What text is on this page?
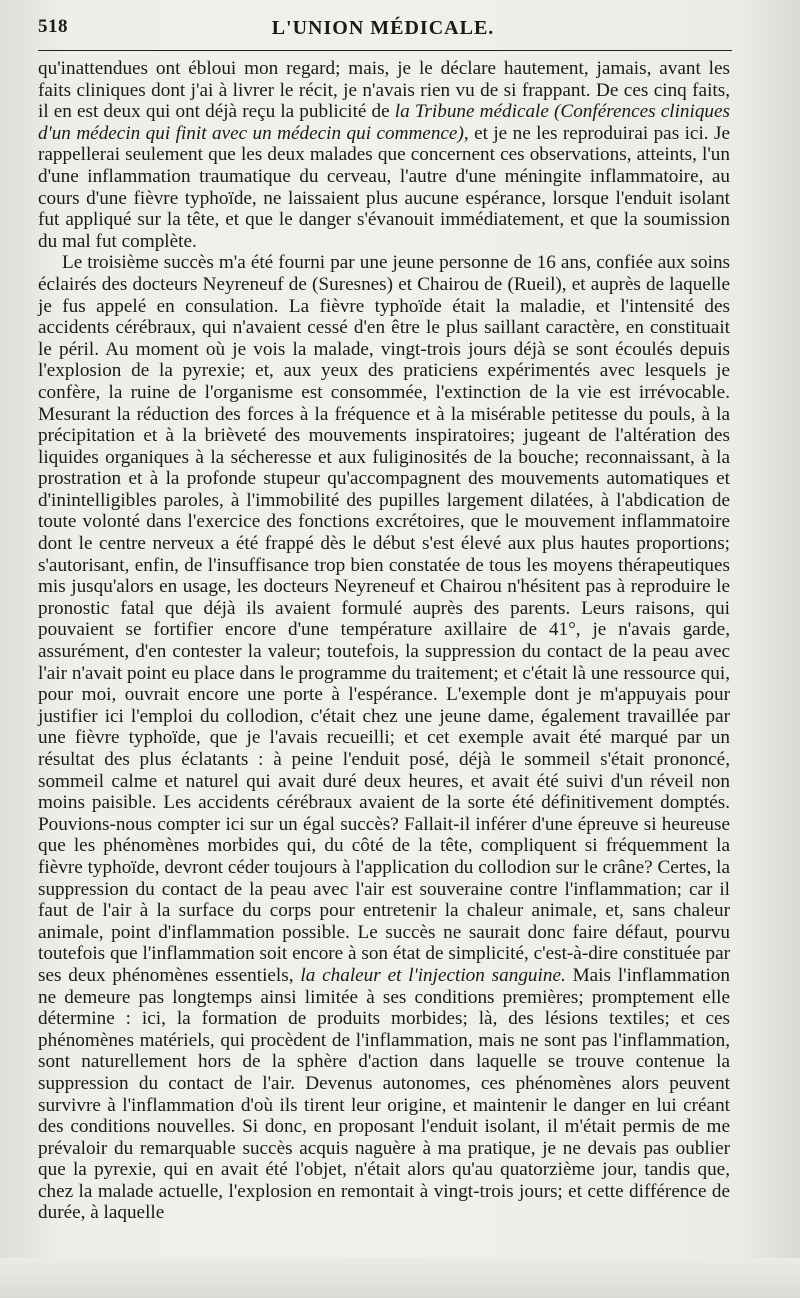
518	L'UNION MÉDICALE.

qu'inattendues ont ébloui mon regard; mais, je le déclare hautement, jamais, avant les faits cliniques dont j'ai à livrer le récit, je n'avais rien vu de si frappant. De ces cinq faits, il en est deux qui ont déjà reçu la publicité de la Tribune médicale (Conférences cliniques d'un médecin qui finit avec un médecin qui commence), et je ne les reproduirai pas ici. Je rappellerai seulement que les deux malades que concernent ces observations, atteints, l'un d'une inflammation traumatique du cerveau, l'autre d'une méningite inflammatoire, au cours d'une fièvre typhoïde, ne laissaient plus aucune espérance, lorsque l'enduit isolant fut appliqué sur la tête, et que le danger s'évanouit immédiatement, et que la soumission du mal fut complète.

Le troisième succès m'a été fourni par une jeune personne de 16 ans, confiée aux soins éclairés des docteurs Neyreneuf de (Suresnes) et Chairou de (Rueil), et auprès de laquelle je fus appelé en consulation. La fièvre typhoïde était la maladie, et l'intensité des accidents cérébraux, qui n'avaient cessé d'en être le plus saillant caractère, en constituait le péril. Au moment où je vois la malade, vingt-trois jours déjà se sont écoulés depuis l'explosion de la pyrexie; et, aux yeux des praticiens expérimentés avec lesquels je confère, la ruine de l'organisme est consommée, l'extinction de la vie est irrévocable. Mesurant la réduction des forces à la fréquence et à la misérable petitesse du pouls, à la précipitation et à la brièveté des mouvements inspiratoires; jugeant de l'altération des liquides organiques à la sécheresse et aux fuliginosités de la bouche; reconnaissant, à la prostration et à la profonde stupeur qu'accompagnent des mouvements automatiques et d'inintelligibles paroles, à l'immobilité des pupilles largement dilatées, à l'abdication de toute volonté dans l'exercice des fonctions excrétoires, que le mouvement inflammatoire dont le centre nerveux a été frappé dès le début s'est élevé aux plus hautes proportions; s'autorisant, enfin, de l'insuffisance trop bien constatée de tous les moyens thérapeutiques mis jusqu'alors en usage, les docteurs Neyreneuf et Chairou n'hésitent pas à reproduire le pronostic fatal que déjà ils avaient formulé auprès des parents. Leurs raisons, qui pouvaient se fortifier encore d'une température axillaire de 41°, je n'avais garde, assurément, d'en contester la valeur; toutefois, la suppression du contact de la peau avec l'air n'avait point eu place dans le programme du traitement; et c'était là une ressource qui, pour moi, ouvrait encore une porte à l'espérance. L'exemple dont je m'appuyais pour justifier ici l'emploi du collodion, c'était chez une jeune dame, également travaillée par une fièvre typhoïde, que je l'avais recueilli; et cet exemple avait été marqué par un résultat des plus éclatants : à peine l'enduit posé, déjà le sommeil s'était prononcé, sommeil calme et naturel qui avait duré deux heures, et avait été suivi d'un réveil non moins paisible. Les accidents cérébraux avaient de la sorte été définitivement domptés. Pouvions-nous compter ici sur un égal succès? Fallait-il inférer d'une épreuve si heureuse que les phénomènes morbides qui, du côté de la tête, compliquent si fréquemment la fièvre typhoïde, devront céder toujours à l'application du collodion sur le crâne? Certes, la suppression du contact de la peau avec l'air est souveraine contre l'inflammation; car il faut de l'air à la surface du corps pour entretenir la chaleur animale, et, sans chaleur animale, point d'inflammation possible. Le succès ne saurait donc faire défaut, pourvu toutefois que l'inflammation soit encore à son état de simplicité, c'est-à-dire constituée par ses deux phénomènes essentiels, la chaleur et l'injection sanguine. Mais l'inflammation ne demeure pas longtemps ainsi limitée à ses conditions premières; promptement elle détermine : ici, la formation de produits morbides; là, des lésions textiles; et ces phénomènes matériels, qui procèdent de l'inflammation, mais ne sont pas l'inflammation, sont naturellement hors de la sphère d'action dans laquelle se trouve contenue la suppression du contact de l'air. Devenus autonomes, ces phénomènes alors peuvent survivre à l'inflammation d'où ils tirent leur origine, et maintenir le danger en lui créant des conditions nouvelles. Si donc, en proposant l'enduit isolant, il m'était permis de me prévaloir du remarquable succès acquis naguère à ma pratique, je ne devais pas oublier que la pyrexie, qui en avait été l'objet, n'était alors qu'au quatorzième jour, tandis que, chez la malade actuelle, l'explosion en remontait à vingt-trois jours; et cette différence de durée, à laquelle
